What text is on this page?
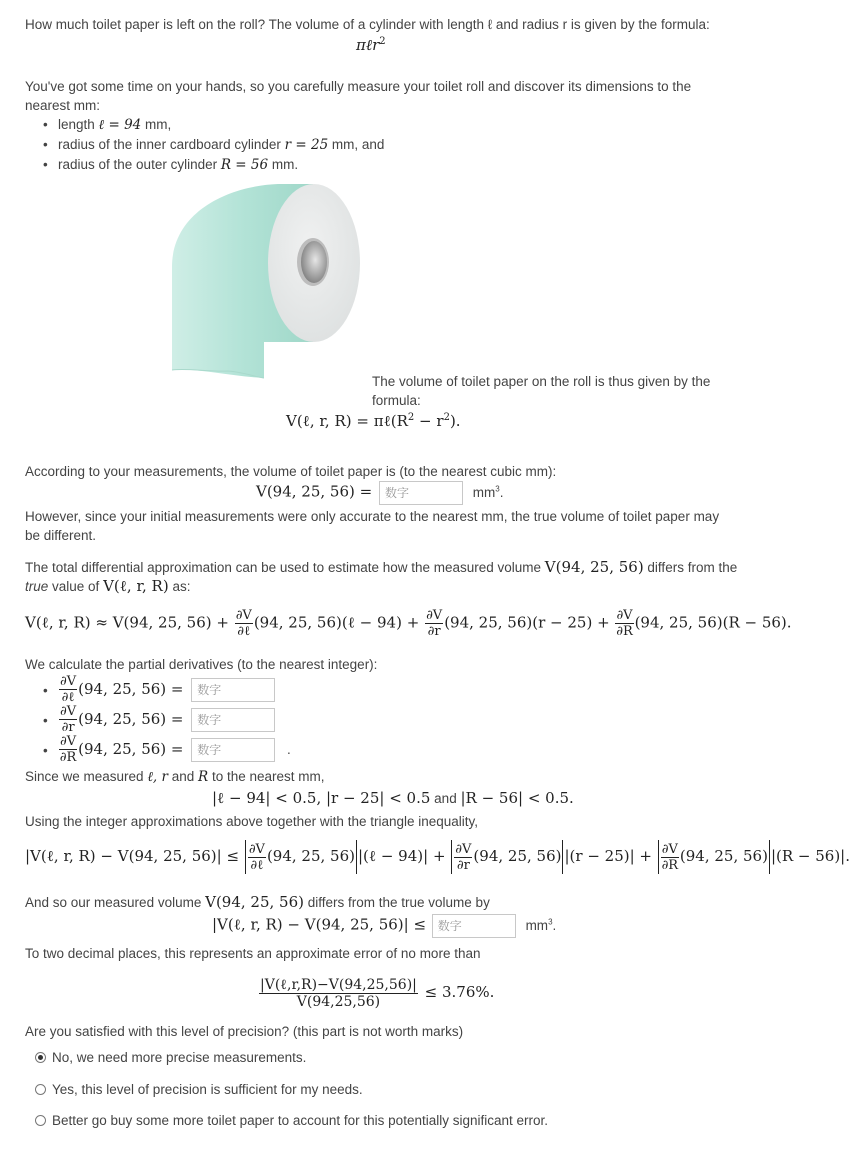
How much toilet paper is left on the roll? The volume of a cylinder with length ℓ and radius r is given by the formula:

πℓr$^2$

You've got some time on your hands, so you carefully measure your toilet roll and discover its dimensions to the nearest mm:

• length ℓ = 94 mm,
• radius of the inner cardboard cylinder r = 25 mm, and
• radius of the outer cylinder R = 56 mm.

The volume of toilet paper on the roll is thus given by the formula:

V(ℓ, r, $R) = \pi\ell(R^2 - r^2)$.

According to your measurements, the volume of toilet paper is (to the nearest cubic mm):

V(94, 25, 56) = 数字	$mm^3$.

However, since your initial measurements were only accurate to the nearest mm, the true volume of toilet paper may be different.

The total differential approximation can be used to estimate how the measured volume V(94, 25, 56) differs from the
true value of V(ℓ, r, R) as:

V(ℓ, r, R) ≈ V(94, 25, $56) + \frac{\partial V}{\text{∂ℓ}} (94$, 25, 56)(ℓ − $94) + \frac{\partial V}{\partial r} (94$, 25, $56)(r - 25) + \frac{\partial V}{\partial R} (94$, 25, 56)(R − 56).

We calculate the partial derivatives (to the nearest integer):

• $\frac{\partial V}{\text{∂ℓ}} (94$, 25, 56) = 数字
• $\frac{\partial V}{\partial r} (94$, 25, 56) = 数字
• $\frac{\partial V}{\partial R} (94$, 25, 56) = 数字	.

Since we measured ℓ, r and R to the nearest mm,

|ℓ − 94| < 0.5, |r − 25| < 0.5 and |R − 56| < 0.5.

Using the integer approximations above together with the triangle inequality,

|V(ℓ, r, R) − V(94, 25, $56)| \le \frac{\partial V}{\text{∂ℓ}} (94$, 25, 56) |(ℓ − $94)| + \frac{\partial V}{\partial r} (94$, 25, 56) $|(r - 25)| + \frac{\partial V}{\partial R} (94$, 25, 56) |(R − 56)|.

And so our measured volume V(94, 25, 56) differs from the true volume by

|V(ℓ, r, R) − V(94, 25, 56)| ≤ 数字	$mm^3$.

To two decimal places, this represents an approximate error of no more than

$\frac{\text{|V(ℓ,r,R)−V(94,25,56)|}}{V(94,25,56)} \le 3.76\%$.

Are you satisfied with this level of precision? (this part is not worth marks)

No, we need more precise measurements.
Yes, this level of precision is sufficient for my needs.
Better go buy some more toilet paper to account for this potentially significant error.
